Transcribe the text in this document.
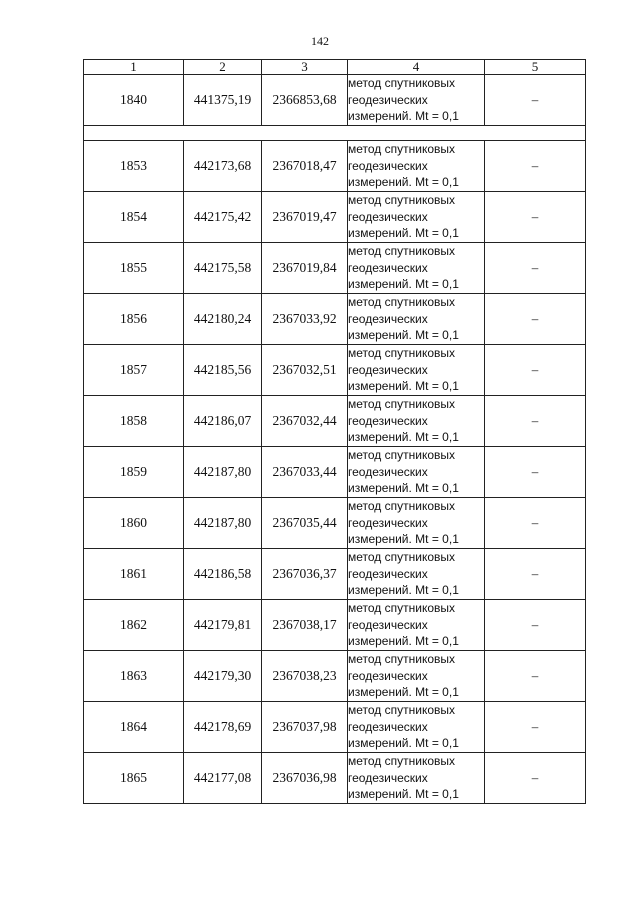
142
1	2	3	4	5
1840	441375,19	2366853,68	метод спутниковых
геодезических
измерений. Mt = 0,1	–

1853	442173,68	2367018,47	метод спутниковых
геодезических
измерений. Mt = 0,1	–
1854	442175,42	2367019,47	метод спутниковых
геодезических
измерений. Mt = 0,1	–
1855	442175,58	2367019,84	метод спутниковых
геодезических
измерений. Mt = 0,1	–
1856	442180,24	2367033,92	метод спутниковых
геодезических
измерений. Mt = 0,1	–
1857	442185,56	2367032,51	метод спутниковых
геодезических
измерений. Mt = 0,1	–
1858	442186,07	2367032,44	метод спутниковых
геодезических
измерений. Mt = 0,1	–
1859	442187,80	2367033,44	метод спутниковых
геодезических
измерений. Mt = 0,1	–
1860	442187,80	2367035,44	метод спутниковых
геодезических
измерений. Mt = 0,1	–
1861	442186,58	2367036,37	метод спутниковых
геодезических
измерений. Mt = 0,1	–
1862	442179,81	2367038,17	метод спутниковых
геодезических
измерений. Mt = 0,1	–
1863	442179,30	2367038,23	метод спутниковых
геодезических
измерений. Mt = 0,1	–
1864	442178,69	2367037,98	метод спутниковых
геодезических
измерений. Mt = 0,1	–
1865	442177,08	2367036,98	метод спутниковых
геодезических
измерений. Mt = 0,1	–
